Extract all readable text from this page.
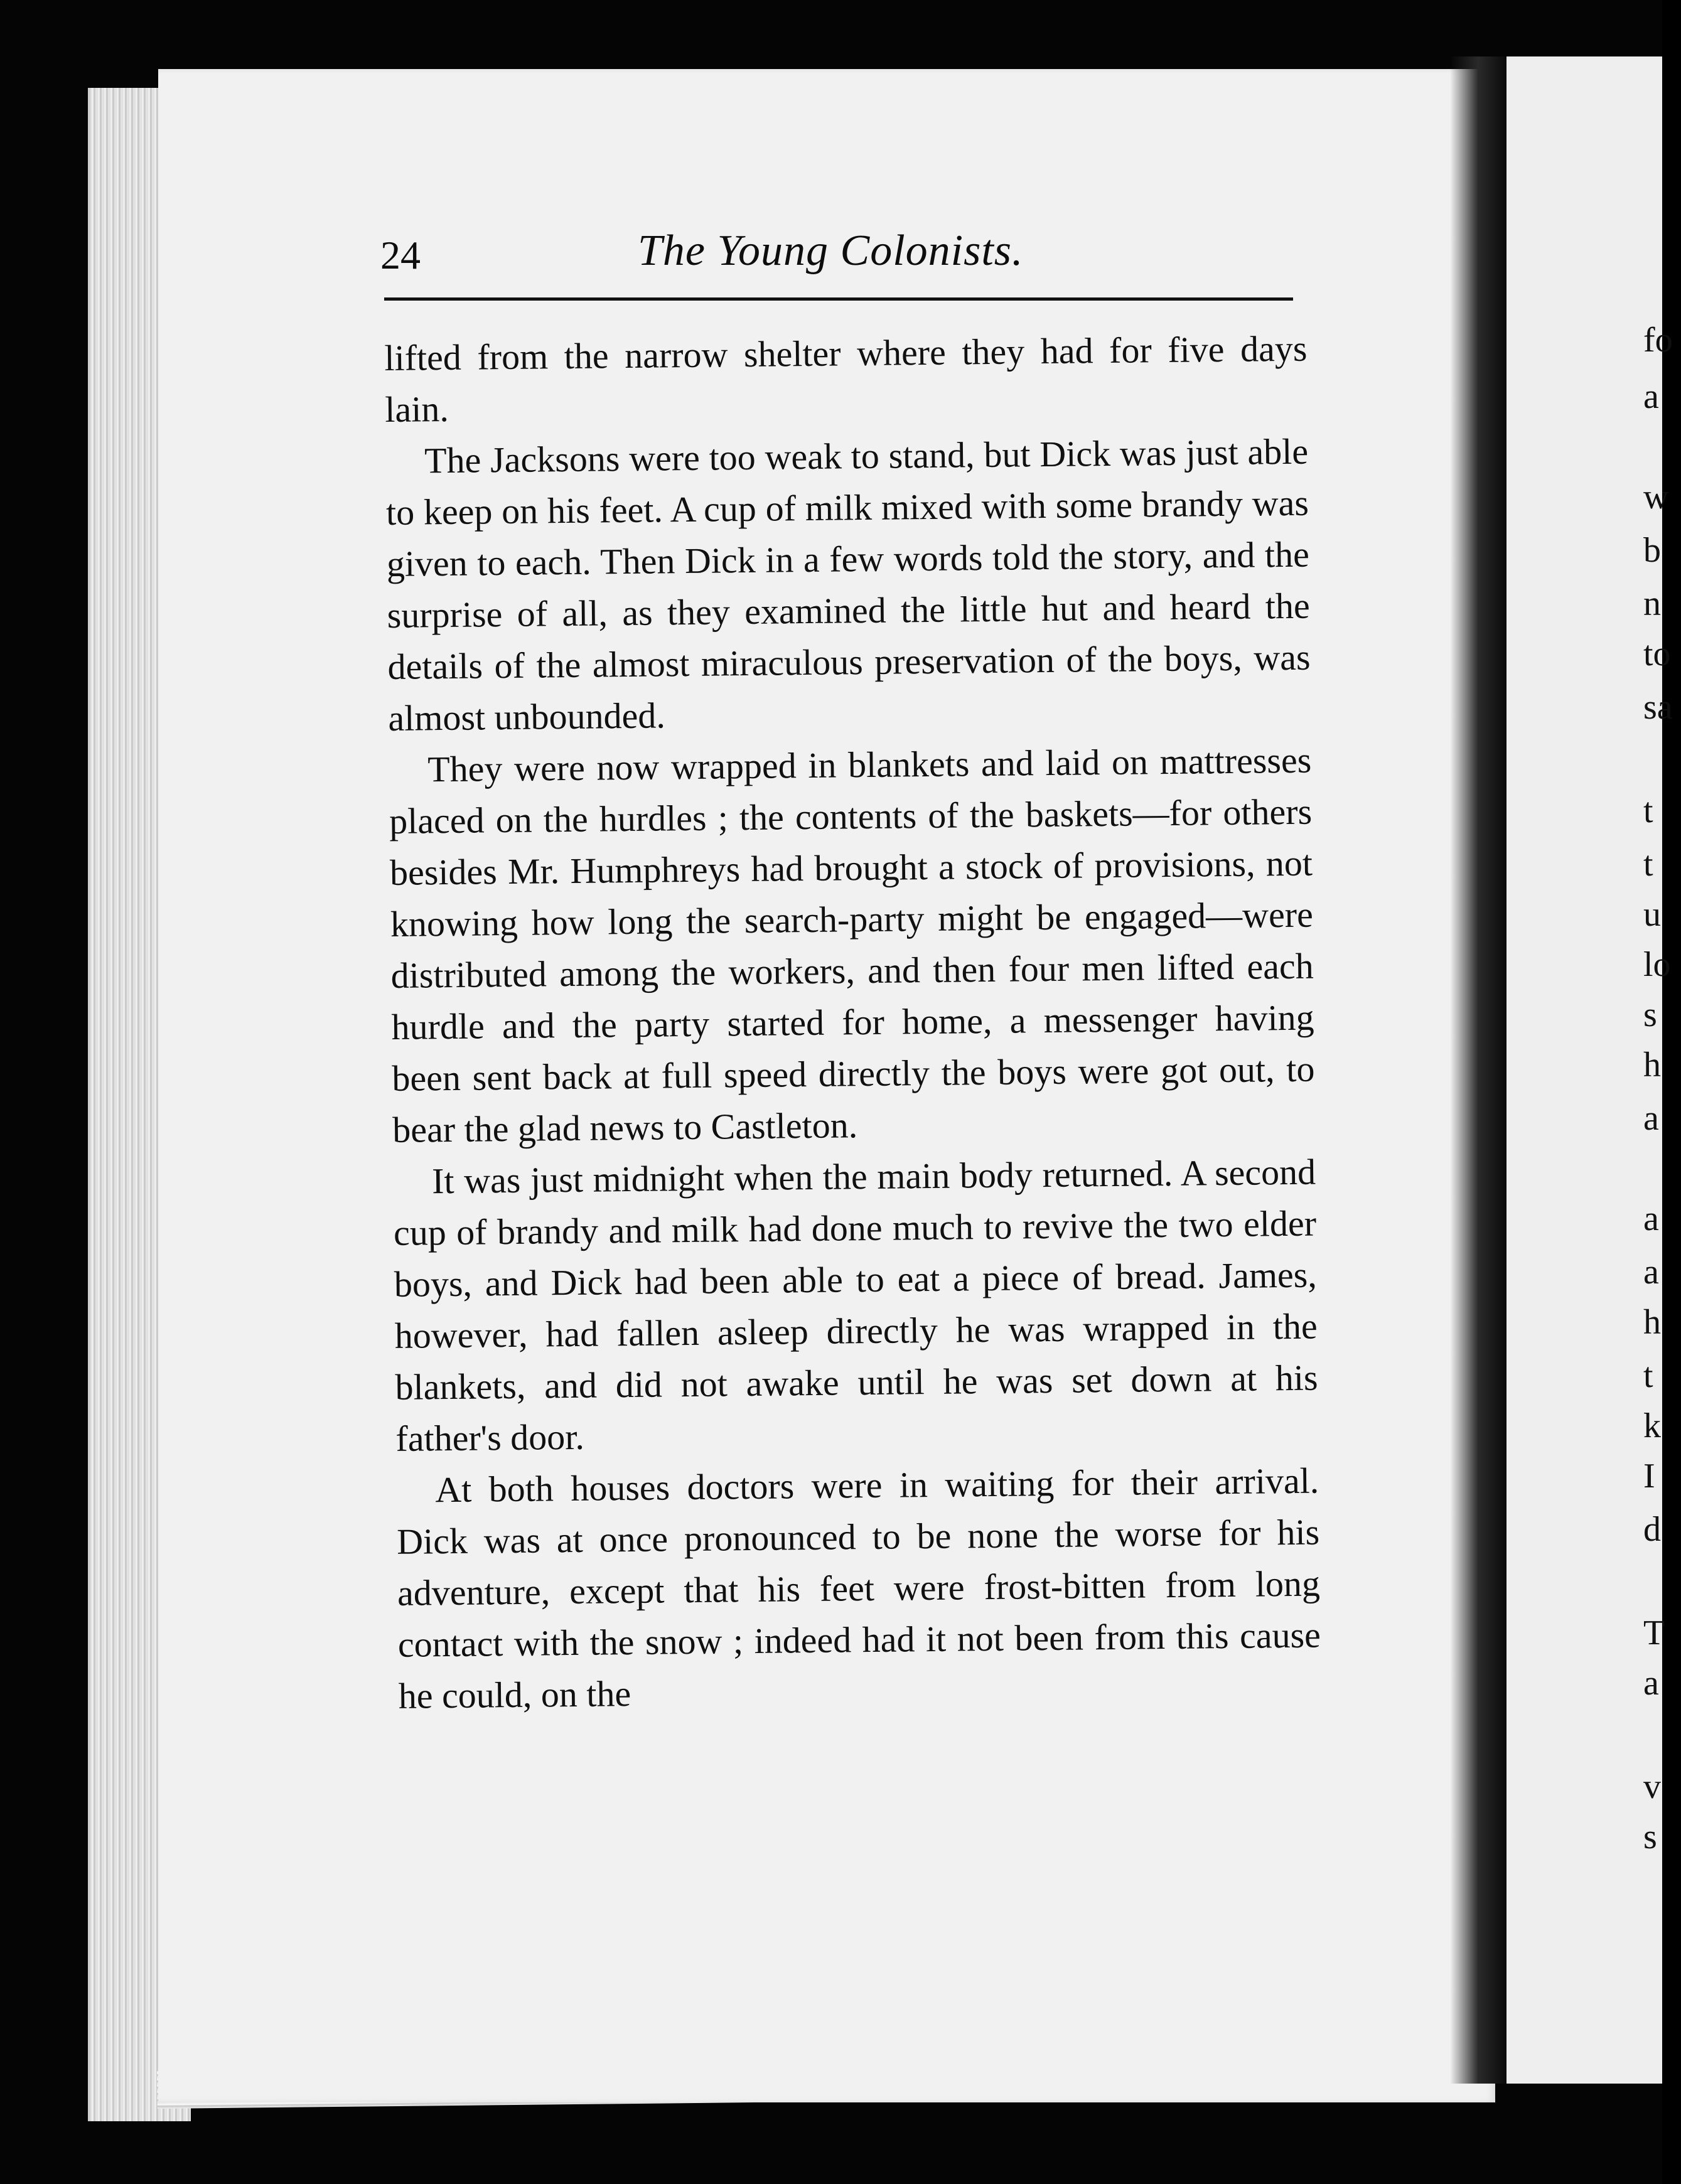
24	The Young Colonists.

lifted from the narrow shelter where they had for five days lain.

The Jacksons were too weak to stand, but Dick was just able to keep on his feet. A cup of milk mixed with some brandy was given to each. Then Dick in a few words told the story, and the surprise of all, as they examined the little hut and heard the details of the almost miraculous preservation of the boys, was almost unbounded.

They were now wrapped in blankets and laid on mattresses placed on the hurdles ; the contents of the baskets—for others besides Mr. Humphreys had brought a stock of provisions, not knowing how long the search-party might be engaged—were distributed among the workers, and then four men lifted each hurdle and the party started for home, a messenger having been sent back at full speed directly the boys were got out, to bear the glad news to Castleton.

It was just midnight when the main body returned. A second cup of brandy and milk had done much to revive the two elder boys, and Dick had been able to eat a piece of bread. James, however, had fallen asleep directly he was wrapped in the blankets, and did not awake until he was set down at his father's door.

At both houses doctors were in waiting for their arrival. Dick was at once pronounced to be none the worse for his adventure, except that his feet were frost-bitten from long contact with the snow ; indeed had it not been from this cause he could, on the

fo
a
w
b
n
to
sa
t
t
u
lo
s
h
a
a
a
h
t
k
I
d
T
a
v
s
